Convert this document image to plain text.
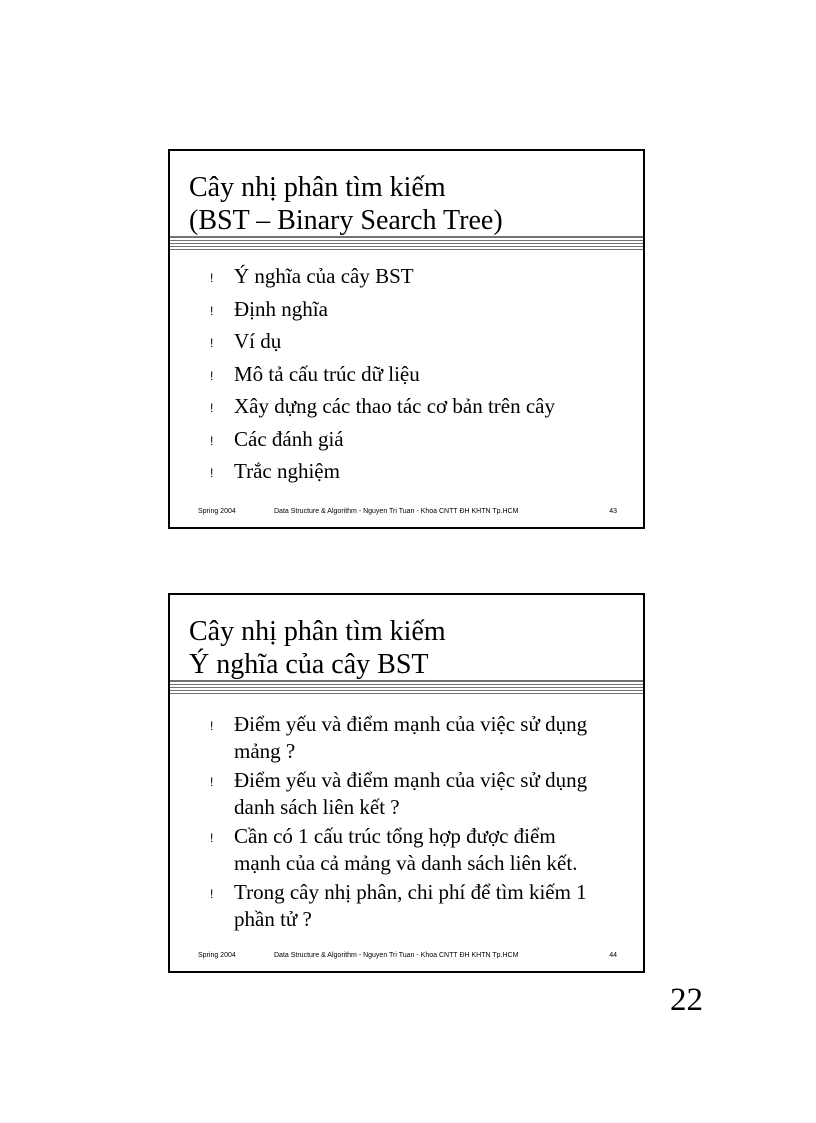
Cây nhị phân tìm kiếm
(BST – Binary Search Tree)
! Ý nghĩa của cây BST
! Định nghĩa
! Ví dụ
! Mô tả cấu trúc dữ liệu
! Xây dựng các thao tác cơ bản trên cây
! Các đánh giá
! Trắc nghiệm
Spring 2004	Data Structure & Algorithm - Nguyen Tri Tuan - Khoa CNTT ĐH KHTN Tp.HCM	43
Cây nhị phân tìm kiếm
Ý nghĩa của cây BST
! Điểm yếu và điểm mạnh của việc sử dụng
mảng ?
! Điểm yếu và điểm mạnh của việc sử dụng
danh sách liên kết ?
! Cần có 1 cấu trúc tổng hợp được điểm
mạnh của cả mảng và danh sách liên kết.
! Trong cây nhị phân, chi phí để tìm kiếm 1
phần tử ?
Spring 2004	Data Structure & Algorithm - Nguyen Tri Tuan - Khoa CNTT ĐH KHTN Tp.HCM	44
22
